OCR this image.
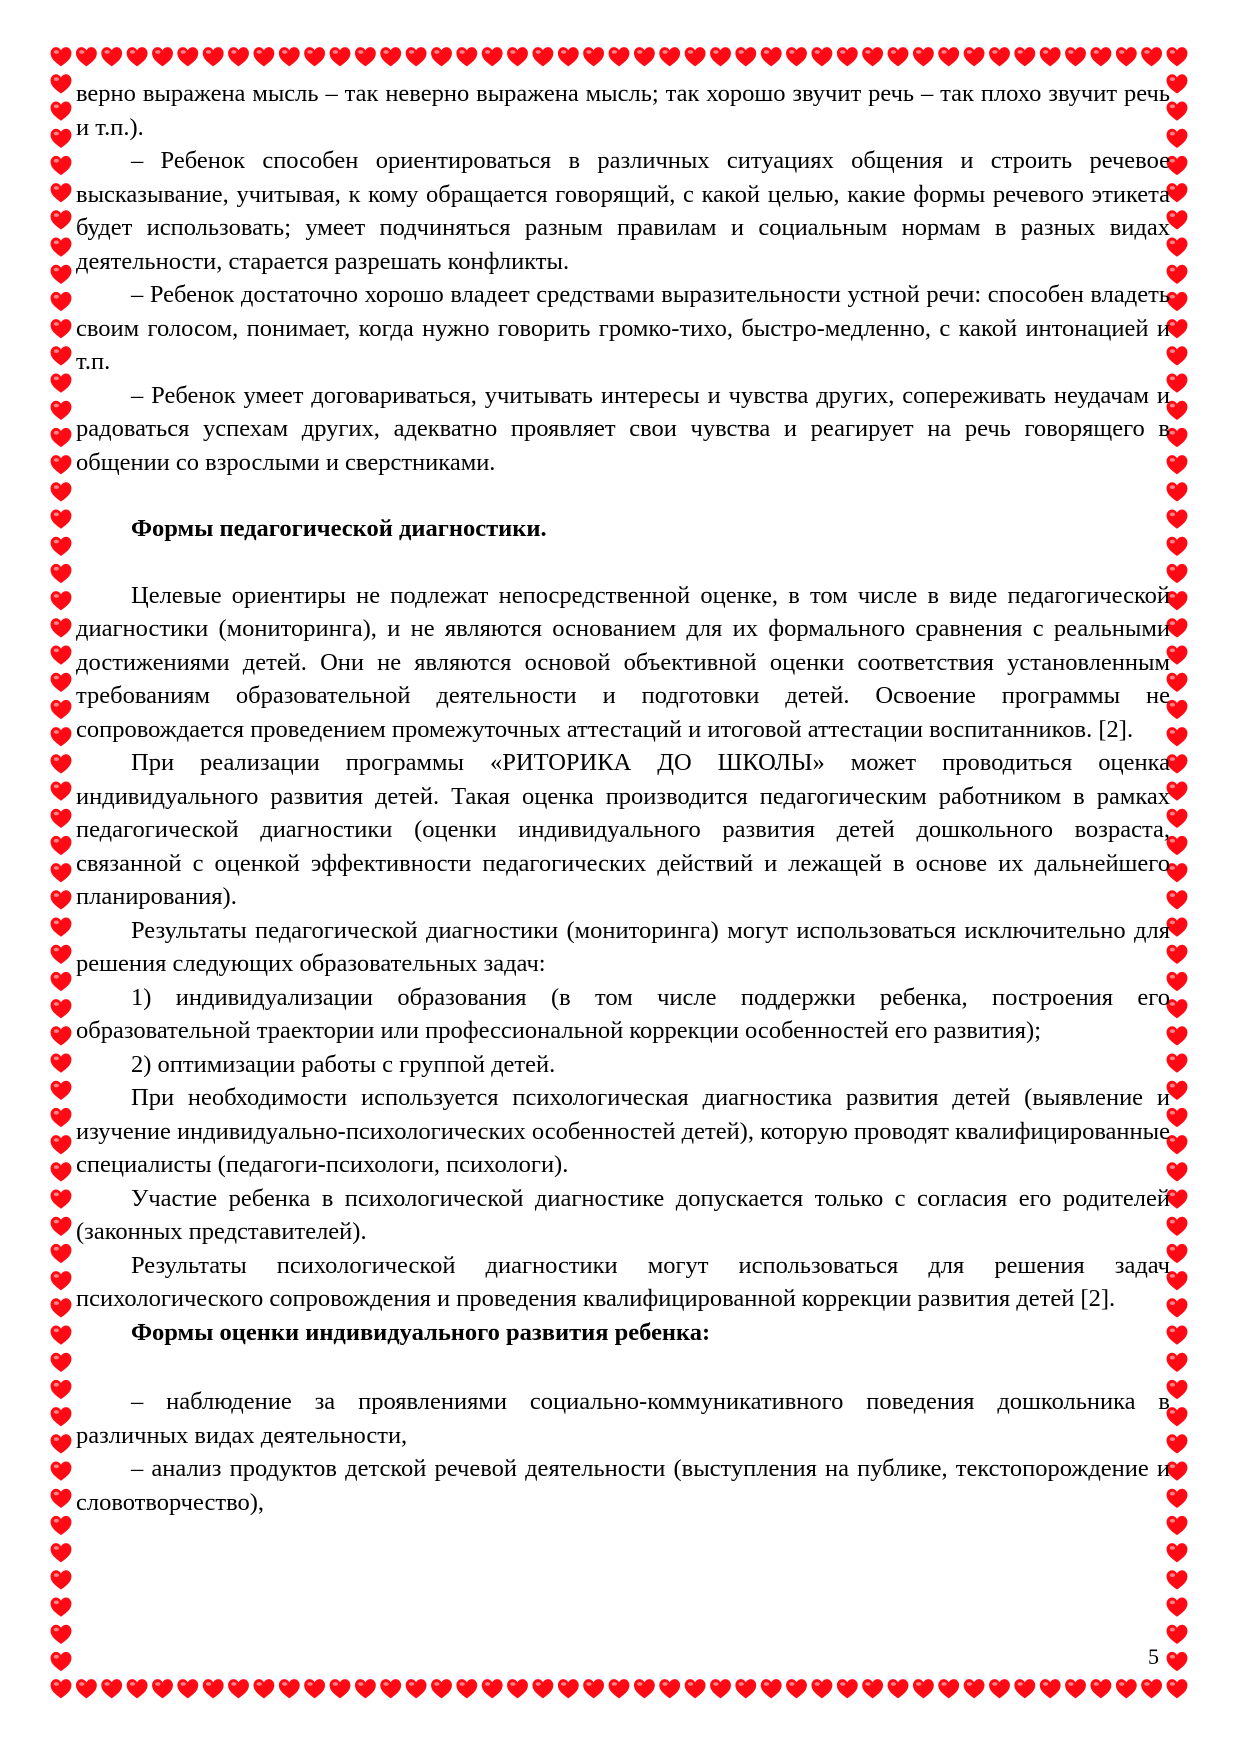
верно выражена мысль – так неверно выражена мысль; так хорошо звучит речь – так плохо звучит речь и т.п.).

– Ребенок способен ориентироваться в различных ситуациях общения и строить речевое высказывание, учитывая, к кому обращается говорящий, с какой целью, какие формы речевого этикета будет использовать; умеет подчиняться разным правилам и социальным нормам в разных видах деятельности, старается разрешать конфликты.

– Ребенок достаточно хорошо владеет средствами выразительности устной речи: способен владеть своим голосом, понимает, когда нужно говорить громко-тихо, быстро-медленно, с какой интонацией и т.п.

– Ребенок умеет договариваться, учитывать интересы и чувства других, сопереживать неудачам и радоваться успехам других, адекватно проявляет свои чувства и реагирует на речь говорящего в общении со взрослыми и сверстниками.

Формы педагогической диагностики.

Целевые ориентиры не подлежат непосредственной оценке, в том числе в виде педагогической диагностики (мониторинга), и не являются основанием для их формального сравнения с реальными достижениями детей. Они не являются основой объективной оценки соответствия установленным требованиям образовательной деятельности и подготовки детей. Освоение программы не сопровождается проведением промежуточных аттестаций и итоговой аттестации воспитанников. [2].

При реализации программы «РИТОРИКА ДО ШКОЛЫ» может проводиться оценка индивидуального развития детей. Такая оценка производится педагогическим работником в рамках педагогической диагностики (оценки индивидуального развития детей дошкольного возраста, связанной с оценкой эффективности педагогических действий и лежащей в основе их дальнейшего планирования).

Результаты педагогической диагностики (мониторинга) могут использоваться исключительно для решения следующих образовательных задач:

1) индивидуализации образования (в том числе поддержки ребенка, построения его образовательной траектории или профессиональной коррекции особенностей его развития);

2) оптимизации работы с группой детей.

При необходимости используется психологическая диагностика развития детей (выявление и изучение индивидуально-психологических особенностей детей), которую проводят квалифицированные специалисты (педагоги-психологи, психологи).

Участие ребенка в психологической диагностике допускается только с согласия его родителей (законных представителей).

Результаты психологической диагностики могут использоваться для решения задач психологического сопровождения и проведения квалифицированной коррекции развития детей [2].

Формы оценки индивидуального развития ребенка:

– наблюдение за проявлениями социально-коммуникативного поведения дошкольника в различных видах деятельности,

– анализ продуктов детской речевой деятельности (выступления на публике, текстопорождение и словотворчество),

5
